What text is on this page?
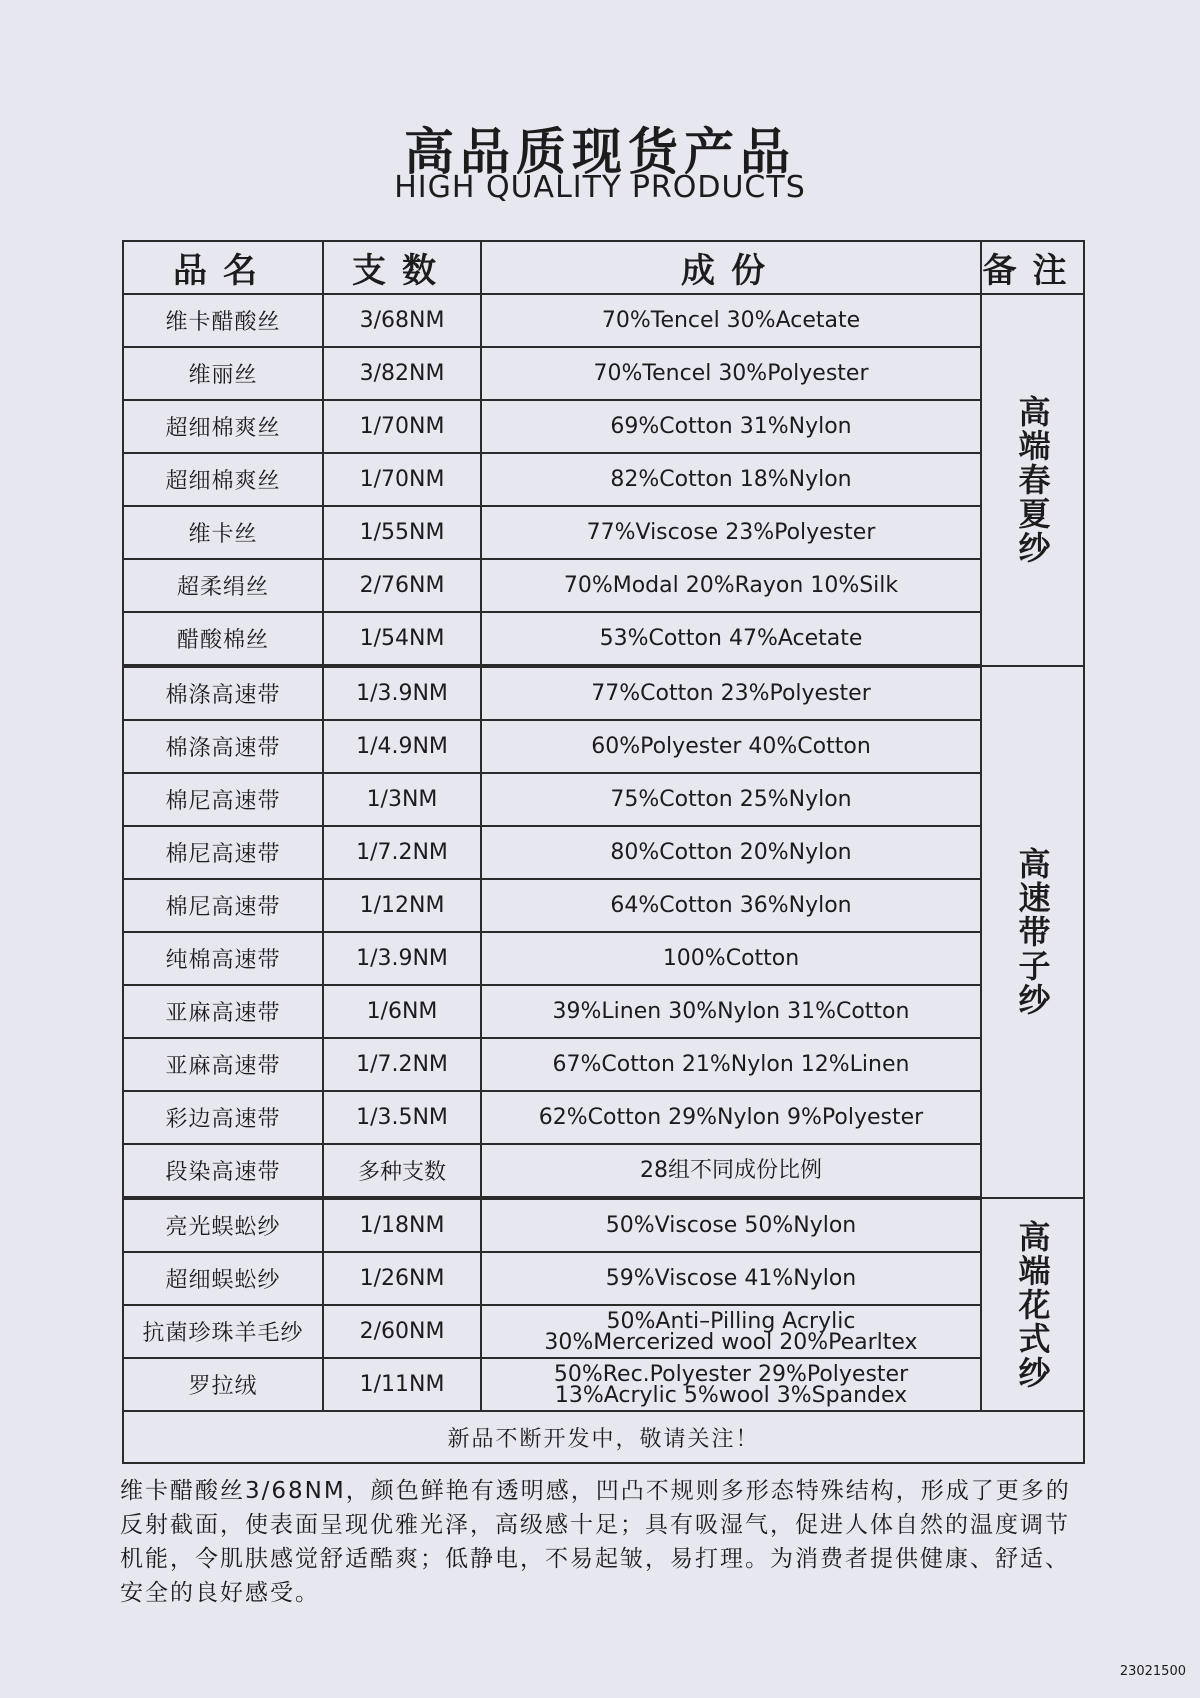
高品质现货产品
HIGH QUALITY PRODUCTS
品名	支数	成份	备注
维卡醋酸丝	3/68NM	70%Tencel 30%Acetate	高端春夏纱
维丽丝	3/82NM	70%Tencel 30%Polyester	
超细棉爽丝	1/70NM	69%Cotton 31%Nylon	
超细棉爽丝	1/70NM	82%Cotton 18%Nylon	
维卡丝	1/55NM	77%Viscose 23%Polyester	
超柔绢丝	2/76NM	70%Modal 20%Rayon 10%Silk	
醋酸棉丝	1/54NM	53%Cotton 47%Acetate	
棉涤高速带	1/3.9NM	77%Cotton 23%Polyester	高速带子纱
棉涤高速带	1/4.9NM	60%Polyester 40%Cotton	
棉尼高速带	1/3NM	75%Cotton 25%Nylon	
棉尼高速带	1/7.2NM	80%Cotton 20%Nylon	
棉尼高速带	1/12NM	64%Cotton 36%Nylon	
纯棉高速带	1/3.9NM	100%Cotton	
亚麻高速带	1/6NM	39%Linen 30%Nylon 31%Cotton	
亚麻高速带	1/7.2NM	67%Cotton 21%Nylon 12%Linen	
彩边高速带	1/3.5NM	62%Cotton 29%Nylon 9%Polyester	
段染高速带	多种支数	28组不同成份比例	
亮光蜈蚣纱	1/18NM	50%Viscose 50%Nylon	高端花式纱
超细蜈蚣纱	1/26NM	59%Viscose 41%Nylon	
抗菌珍珠羊毛纱	2/60NM	50%Anti–Pilling Acrylic
30%Mercerized wool 20%Pearltex	

罗拉绒	1/11NM	50%Rec.Polyester 29%Polyester
13%Acrylic 5%wool 3%Spandex	

新品不断开发中，敬请关注！			

维卡醋酸丝3/68NM，颜色鲜艳有透明感，凹凸不规则多形态特殊结构，形成了更多的反射截面，使表面呈现优雅光泽，高级感十足；具有吸湿气，促进人体自然的温度调节机能，令肌肤感觉舒适酷爽；低静电，不易起皱，易打理。为消费者提供健康、舒适、安全的良好感受。

23021500
